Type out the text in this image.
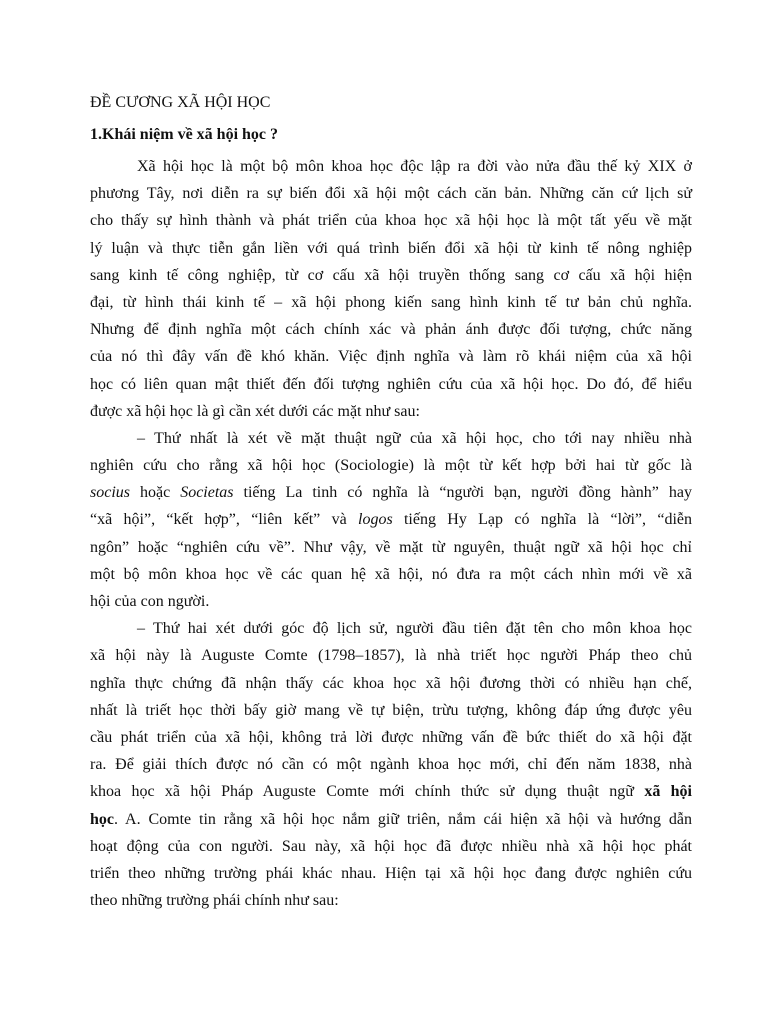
ĐỀ CƯƠNG XÃ HỘI HỌC
1.Khái niệm về xã hội học ?
Xã hội học là một bộ môn khoa học độc lập ra đời vào nửa đầu thế kỷ XIX ở
phương Tây, nơi diễn ra sự biến đổi xã hội một cách căn bản. Những căn cứ lịch sử
cho thấy sự hình thành và phát triển của khoa học xã hội học là một tất yếu về mặt
lý luận và thực tiễn gắn liền với quá trình biến đổi xã hội từ kinh tế nông nghiệp
sang kinh tế công nghiệp, từ cơ cấu xã hội truyền thống sang cơ cấu xã hội hiện
đại, từ hình thái kinh tế – xã hội phong kiến sang hình kinh tế tư bản chủ nghĩa.
Nhưng để định nghĩa một cách chính xác và phản ánh được đối tượng, chức năng
của nó thì đây vấn đề khó khăn. Việc định nghĩa và làm rõ khái niệm của xã hội
học có liên quan mật thiết đến đối tượng nghiên cứu của xã hội học. Do đó, để hiểu
được xã hội học là gì cần xét dưới các mặt như sau:
– Thứ nhất là xét về mặt thuật ngữ của xã hội học, cho tới nay nhiều nhà
nghiên cứu cho rằng xã hội học (Sociologie) là một từ kết hợp bởi hai từ gốc là
socius hoặc Societas tiếng La tinh có nghĩa là “người bạn, người đồng hành” hay
“xã hội”, “kết hợp”, “liên kết” và logos tiếng Hy Lạp có nghĩa là “lời”, “diễn
ngôn” hoặc “nghiên cứu về”. Như vậy, về mặt từ nguyên, thuật ngữ xã hội học chỉ
một bộ môn khoa học về các quan hệ xã hội, nó đưa ra một cách nhìn mới về xã
hội của con người.
– Thứ hai xét dưới góc độ lịch sử, người đầu tiên đặt tên cho môn khoa học
xã hội này là Auguste Comte (1798–1857), là nhà triết học người Pháp theo chủ
nghĩa thực chứng đã nhận thấy các khoa học xã hội đương thời có nhiều hạn chế,
nhất là triết học thời bấy giờ mang về tự biện, trừu tượng, không đáp ứng được yêu
cầu phát triển của xã hội, không trả lời được những vấn đề bức thiết do xã hội đặt
ra. Để giải thích được nó cần có một ngành khoa học mới, chỉ đến năm 1838, nhà
khoa học xã hội Pháp Auguste Comte mới chính thức sử dụng thuật ngữ xã hội
học. A. Comte tin rằng xã hội học nắm giữ triên, nắm cái hiện xã hội và hướng dẫn
hoạt động của con người. Sau này, xã hội học đã được nhiều nhà xã hội học phát
triển theo những trường phái khác nhau. Hiện tại xã hội học đang được nghiên cứu
theo những trường phái chính như sau:
